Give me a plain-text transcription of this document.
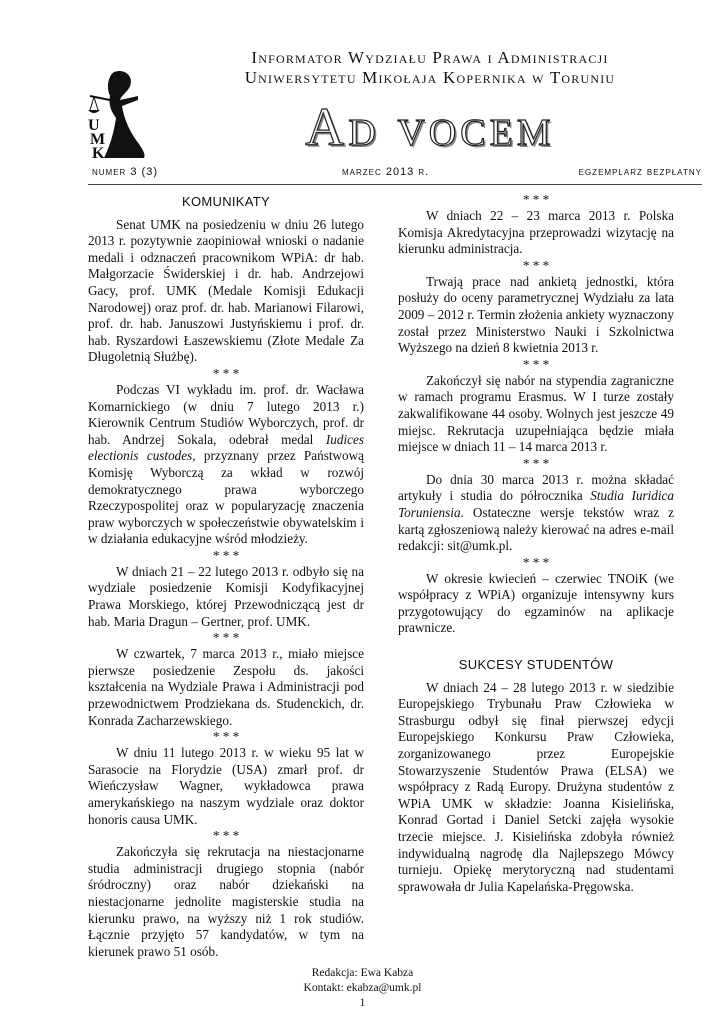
U
M
K
Informator Wydziału Prawa i Administracji
Uniwersytetu Mikołaja Kopernika w Toruniu
Ad vocem
numer 3 (3)	marzec 2013 r.	egzemplarz bezpłatny
KOMUNIKATY

Senat UMK na posiedzeniu w dniu 26 lutego 2013 r. pozytywnie zaopiniował wnioski o nadanie medali i odznaczeń pracownikom WPiA: dr hab. Małgorzacie Świderskiej i dr. hab. Andrzejowi Gacy, prof. UMK (Medale Komisji Edukacji Narodowej) oraz prof. dr. hab. Marianowi Filarowi, prof. dr. hab. Januszowi Justyńskiemu i prof. dr. hab. Ryszardowi Łaszewskiemu (Złote Medale Za Długoletnią Służbę).

* * *

Podczas VI wykładu im. prof. dr. Wacława Komarnickiego (w dniu 7 lutego 2013 r.) Kierownik Centrum Studiów Wyborczych, prof. dr hab. Andrzej Sokala, odebrał medal Iudices electionis custodes, przyznany przez Państwową Komisję Wyborczą za wkład w rozwój demokratycznego prawa wyborczego Rzeczypospolitej oraz w popularyzację znaczenia praw wyborczych w społeczeństwie obywatelskim i w działania edukacyjne wśród młodzieży.

* * *

W dniach 21 – 22 lutego 2013 r. odbyło się na wydziale posiedzenie Komisji Kodyfikacyjnej Prawa Morskiego, której Przewodniczącą jest dr hab. Maria Dragun – Gertner, prof. UMK.

* * *

W czwartek, 7 marca 2013 r., miało miejsce pierwsze posiedzenie Zespołu ds. jakości kształcenia na Wydziale Prawa i Administracji pod przewodnictwem Prodziekana ds. Studenckich, dr. Konrada Zacharzewskiego.

* * *

W dniu 11 lutego 2013 r. w wieku 95 lat w Sarasocie na Florydzie (USA) zmarł prof. dr Wieńczysław Wagner, wykładowca prawa amerykańskiego na naszym wydziale oraz doktor honoris causa UMK.

* * *

Zakończyła się rekrutacja na niestacjonarne studia administracji drugiego stopnia (nabór śródroczny) oraz nabór dziekański na niestacjonarne jednolite magisterskie studia na kierunku prawo, na wyższy niż 1 rok studiów. Łącznie przyjęto 57 kandydatów, w tym na kierunek prawo 51 osób.

* * *

W dniach 22 – 23 marca 2013 r. Polska Komisja Akredytacyjna przeprowadzi wizytację na kierunku administracja.

* * *

Trwają prace nad ankietą jednostki, która posłuży do oceny parametrycznej Wydziału za lata 2009 – 2012 r. Termin złożenia ankiety wyznaczony został przez Ministerstwo Nauki i Szkolnictwa Wyższego na dzień 8 kwietnia 2013 r.

* * *

Zakończył się nabór na stypendia zagraniczne w ramach programu Erasmus. W I turze zostały zakwalifikowane 44 osoby. Wolnych jest jeszcze 49 miejsc. Rekrutacja uzupełniająca będzie miała miejsce w dniach 11 – 14 marca 2013 r.

* * *

Do dnia 30 marca 2013 r. można składać artykuły i studia do półrocznika Studia Iuridica Toruniensia. Ostateczne wersje tekstów wraz z kartą zgłoszeniową należy kierować na adres e-mail redakcji: sit@umk.pl.

* * *

W okresie kwiecień – czerwiec TNOiK (we współpracy z WPiA) organizuje intensywny kurs przygotowujący do egzaminów na aplikacje prawnicze.

SUKCESY STUDENTÓW

W dniach 24 – 28 lutego 2013 r. w siedzibie Europejskiego Trybunału Praw Człowieka w Strasburgu odbył się finał pierwszej edycji Europejskiego Konkursu Praw Człowieka, zorganizowanego przez Europejskie Stowarzyszenie Studentów Prawa (ELSA) we współpracy z Radą Europy. Drużyna studentów z WPiA UMK w składzie: Joanna Kisielińska, Konrad Gortad i Daniel Setcki zajęła wysokie trzecie miejsce. J. Kisielińska zdobyła również indywidualną nagrodę dla Najlepszego Mówcy turnieju. Opiekę merytoryczną nad studentami sprawowała dr Julia Kapelańska-Pręgowska.

Redakcja: Ewa Kabza
Kontakt: ekabza@umk.pl
1
